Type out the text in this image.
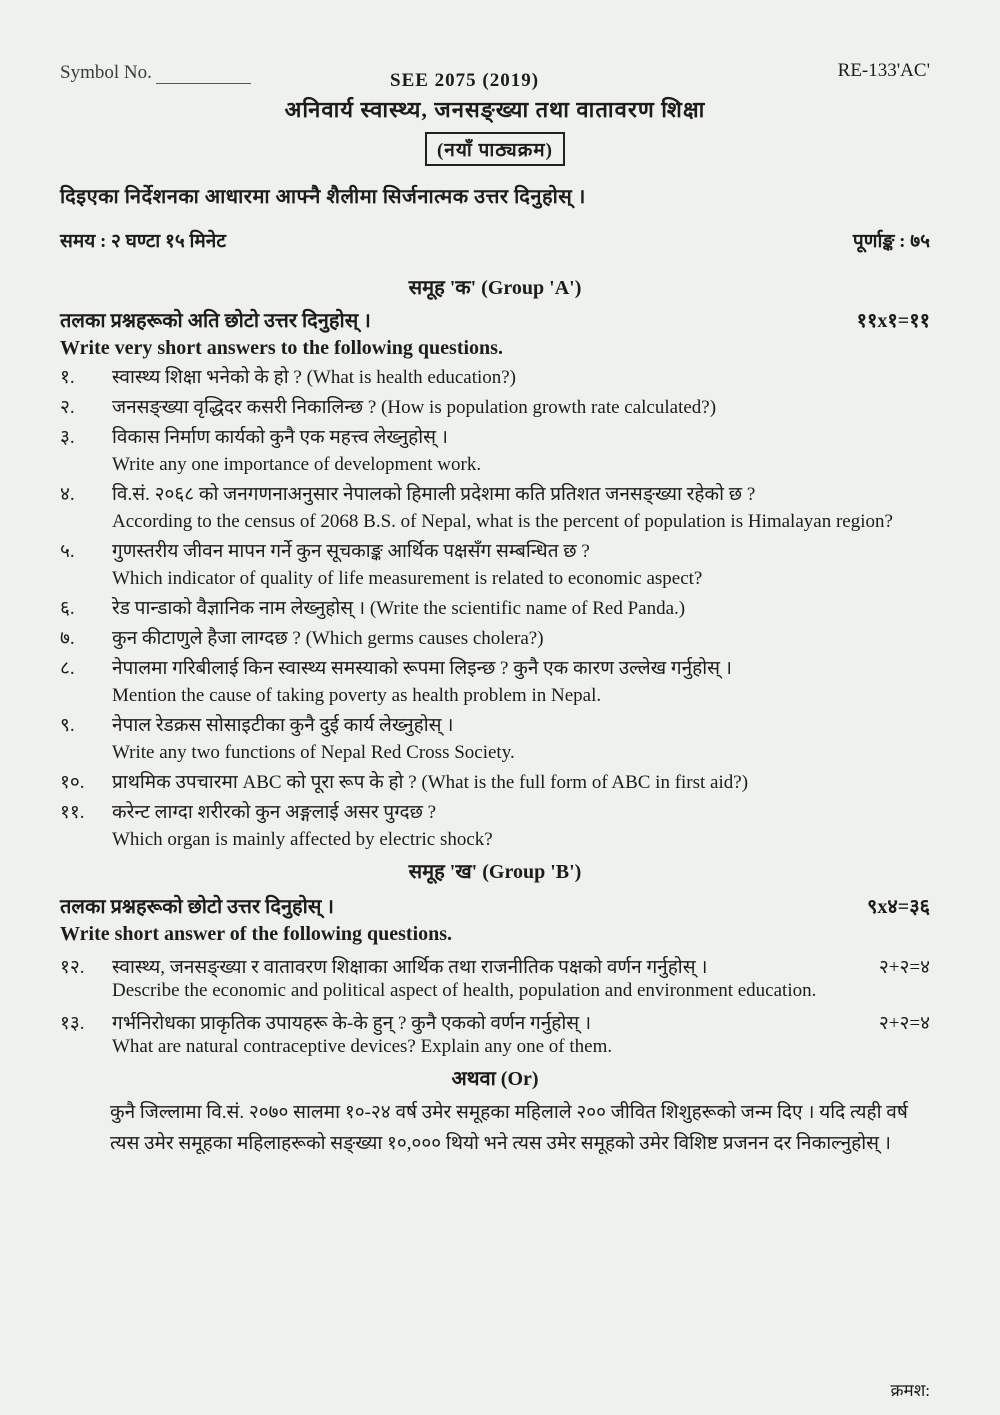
Symbol No.	SEE 2075 (2019)	RE-133'AC'
अनिवार्य स्वास्थ्य, जनसङ्ख्या तथा वातावरण शिक्षा
(नयाँ पाठ्यक्रम)
दिइएका निर्देशनका आधारमा आफ्नै शैलीमा सिर्जनात्मक उत्तर दिनुहोस् ।
समय : २ घण्टा १५ मिनेट	पूर्णाङ्क : ७५
समूह 'क' (Group 'A')
तलका प्रश्नहरूको अति छोटो उत्तर दिनुहोस् ।	११x१=११
Write very short answers to the following questions.
१.	स्वास्थ्य शिक्षा भनेको के हो ? (What is health education?)
२.	जनसङ्ख्या वृद्धिदर कसरी निकालिन्छ ? (How is population growth rate calculated?)
३.	विकास निर्माण कार्यको कुनै एक महत्त्व लेख्नुहोस् ।
Write any one importance of development work.
४.	वि.सं. २०६८ को जनगणनाअनुसार नेपालको हिमाली प्रदेशमा कति प्रतिशत जनसङ्ख्या रहेको छ ?
According to the census of 2068 B.S. of Nepal, what is the percent of population is Himalayan region?
५.	गुणस्तरीय जीवन मापन गर्ने कुन सूचकाङ्क आर्थिक पक्षसँग सम्बन्धित छ ?
Which indicator of quality of life measurement is related to economic aspect?
६.	रेड पान्डाको वैज्ञानिक नाम लेख्नुहोस् । (Write the scientific name of Red Panda.)
७.	कुन कीटाणुले हैजा लाग्दछ ? (Which germs causes cholera?)
८.	नेपालमा गरिबीलाई किन स्वास्थ्य समस्याको रूपमा लिइन्छ ? कुनै एक कारण उल्लेख गर्नुहोस् ।
Mention the cause of taking poverty as health problem in Nepal.
९.	नेपाल रेडक्रस सोसाइटीका कुनै दुई कार्य लेख्नुहोस् ।
Write any two functions of Nepal Red Cross Society.
१०.	प्राथमिक उपचारमा ABC को पूरा रूप के हो ? (What is the full form of ABC in first aid?)
११.	करेन्ट लाग्दा शरीरको कुन अङ्गलाई असर पुग्दछ ?
Which organ is mainly affected by electric shock?
समूह 'ख' (Group 'B')
तलका प्रश्नहरूको छोटो उत्तर दिनुहोस् ।	९x४=३६
Write short answer of the following questions.
१२.	स्वास्थ्य, जनसङ्ख्या र वातावरण शिक्षाका आर्थिक तथा राजनीतिक पक्षको वर्णन गर्नुहोस् ।	२+२=४
Describe the economic and political aspect of health, population and environment education.
१३.	गर्भनिरोधका प्राकृतिक उपायहरू के-के हुन् ? कुनै एकको वर्णन गर्नुहोस् ।	२+२=४
What are natural contraceptive devices? Explain any one of them.
अथवा (Or)
कुनै जिल्लामा वि.सं. २०७० सालमा १०-२४ वर्ष उमेर समूहका महिलाले २०० जीवित शिशुहरूको जन्म दिए । यदि त्यही वर्ष त्यस उमेर समूहका महिलाहरूको सङ्ख्या १०,००० थियो भने त्यस उमेर समूहको उमेर विशिष्ट प्रजनन दर निकाल्नुहोस् ।
क्रमश:
